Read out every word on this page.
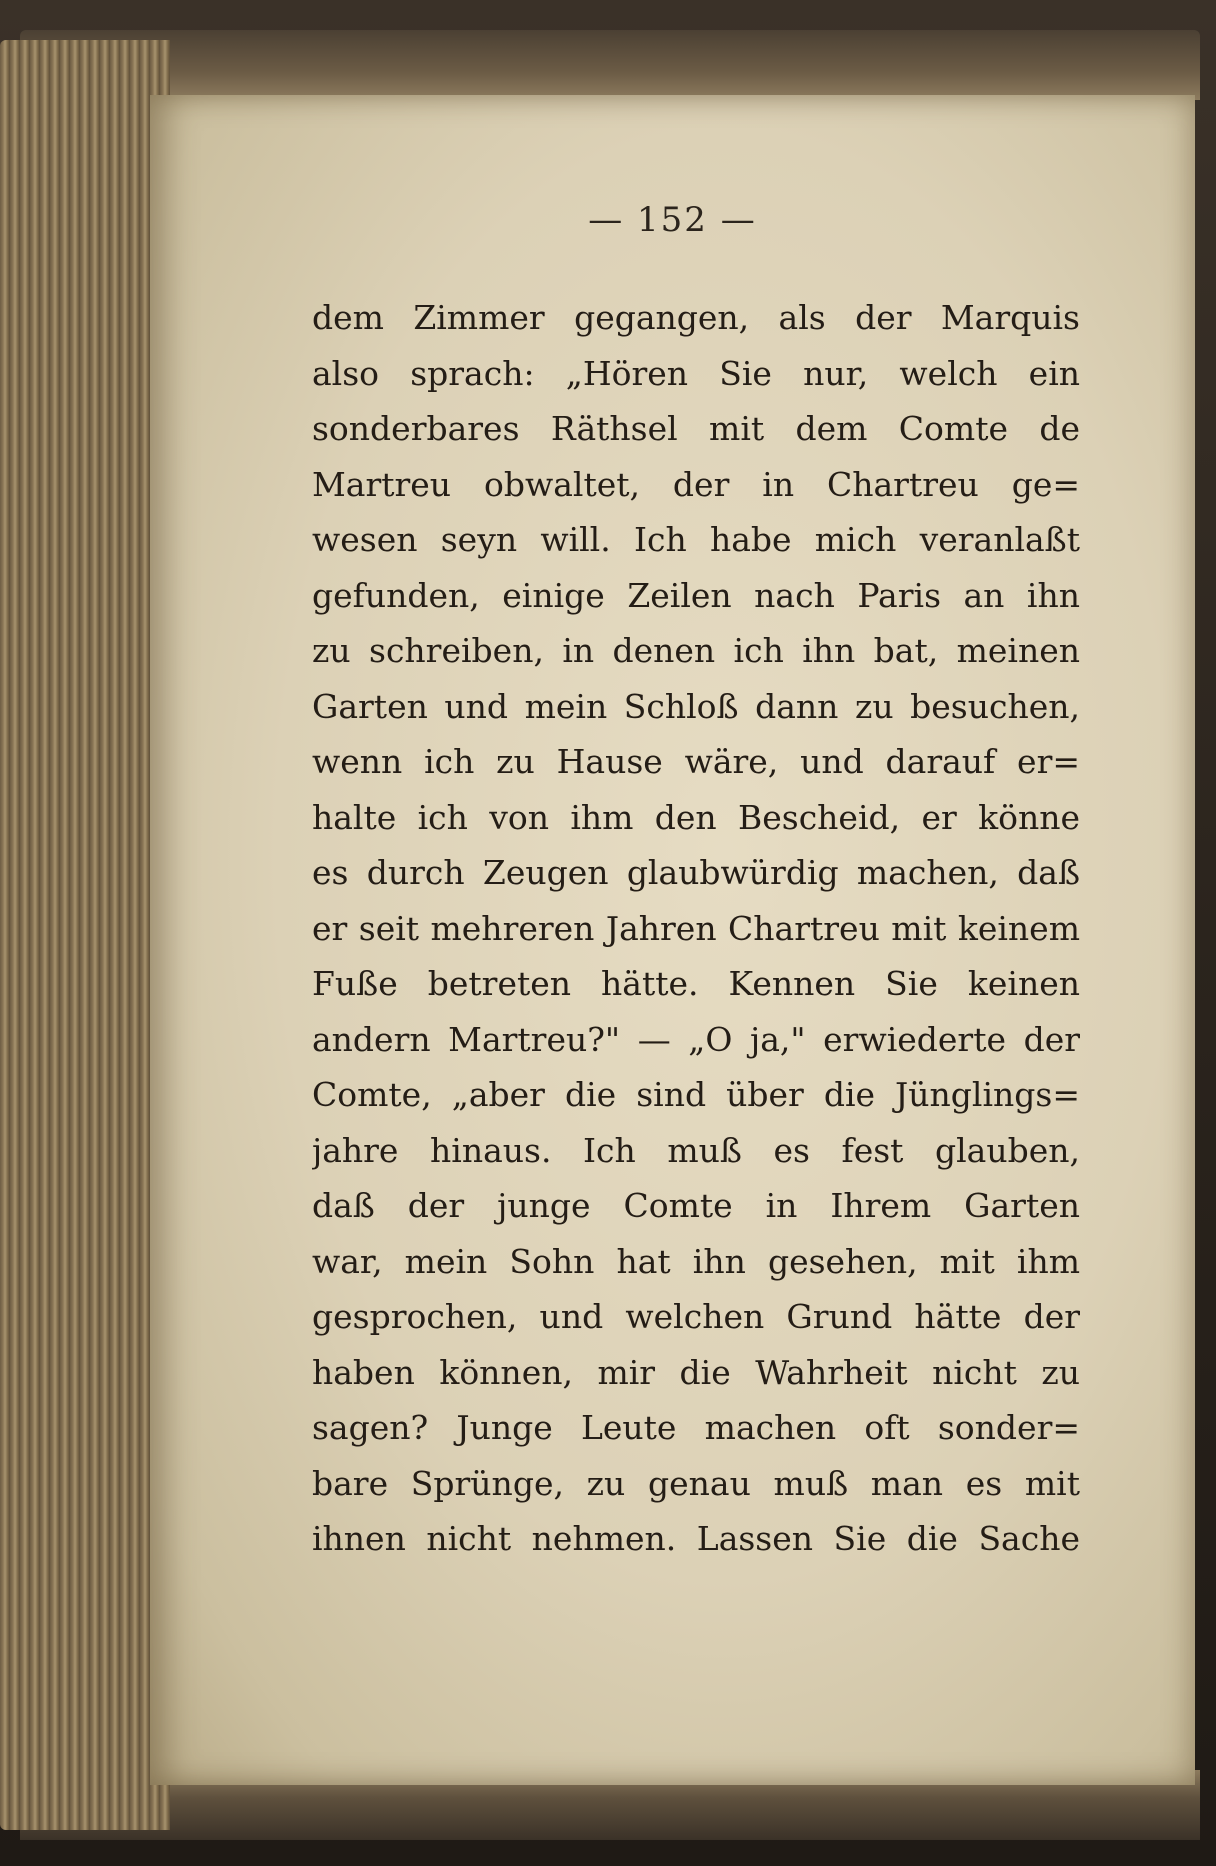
— 152 —
dem Zimmer gegangen, als der Marquis
also sprach: „Hören Sie nur, welch ein
sonderbares Räthsel mit dem Comte de
Martreu obwaltet, der in Chartreu ge=
wesen seyn will. Ich habe mich veranlaßt
gefunden, einige Zeilen nach Paris an ihn
zu schreiben, in denen ich ihn bat, meinen
Garten und mein Schloß dann zu besuchen,
wenn ich zu Hause wäre, und darauf er=
halte ich von ihm den Bescheid, er könne
es durch Zeugen glaubwürdig machen, daß
er seit mehreren Jahren Chartreu mit keinem
Fuße betreten hätte. Kennen Sie keinen
andern Martreu?" — „O ja," erwiederte der
Comte, „aber die sind über die Jünglings=
jahre hinaus. Ich muß es fest glauben,
daß der junge Comte in Ihrem Garten
war, mein Sohn hat ihn gesehen, mit ihm
gesprochen, und welchen Grund hätte der
haben können, mir die Wahrheit nicht zu
sagen? Junge Leute machen oft sonder=
bare Sprünge, zu genau muß man es mit
ihnen nicht nehmen. Lassen Sie die Sache
